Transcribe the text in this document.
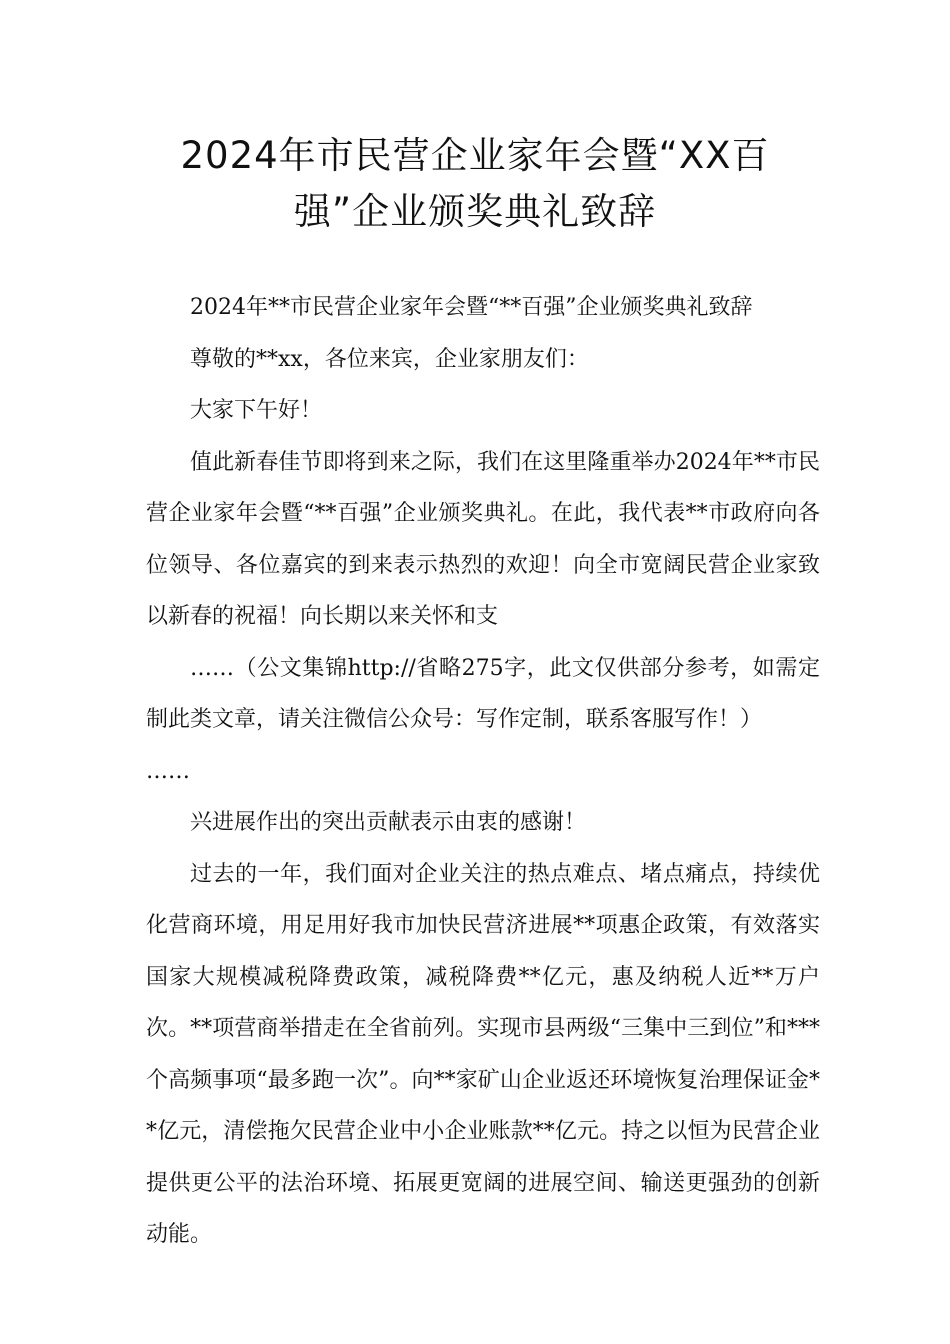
2024年市民营企业家年会暨“XX百
强”企业颁奖典礼致辞

2024年**市民营企业家年会暨“**百强”企业颁奖典礼致辞

尊敬的**xx，各位来宾，企业家朋友们：

大家下午好！

值此新春佳节即将到来之际，我们在这里隆重举办2024年**市民营企业家年会暨“**百强”企业颁奖典礼。在此，我代表**市政府向各位领导、各位嘉宾的到来表示热烈的欢迎！向全市宽阔民营企业家致以新春的祝福！向长期以来关怀和支

……（公文集锦http://省略275字，此文仅供部分参考，如需定制此类文章，请关注微信公众号：写作定制，联系客服写作！）

……

兴进展作出的突出贡献表示由衷的感谢！

过去的一年，我们面对企业关注的热点难点、堵点痛点，持续优化营商环境，用足用好我市加快民营济进展**项惠企政策，有效落实国家大规模减税降费政策，减税降费**亿元，惠及纳税人近**万户次。**项营商举措走在全省前列。实现市县两级“三集中三到位”和***个高频事项“最多跑一次”。向**家矿山企业返还环境恢复治理保证金**亿元，清偿拖欠民营企业中小企业账款**亿元。持之以恒为民营企业提供更公平的法治环境、拓展更宽阔的进展空间、输送更强劲的创新动能。
